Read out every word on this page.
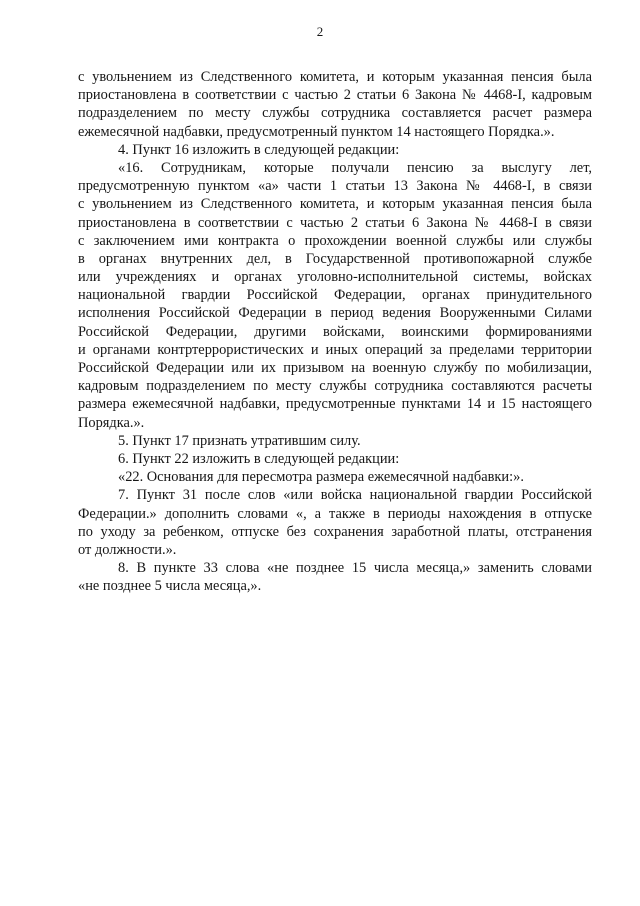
2
с увольнением из Следственного комитета, и которым указанная пенсия была
приостановлена в соответствии с частью 2 статьи 6 Закона № 4468-I, кадровым
подразделением по месту службы сотрудника составляется расчет размера
ежемесячной надбавки, предусмотренный пунктом 14 настоящего Порядка.».
4. Пункт 16 изложить в следующей редакции:
«16. Сотрудникам, которые получали пенсию за выслугу лет,
предусмотренную пунктом «а» части 1 статьи 13 Закона № 4468-I, в связи
с увольнением из Следственного комитета, и которым указанная пенсия была
приостановлена в соответствии с частью 2 статьи 6 Закона № 4468-I в связи
с заключением ими контракта о прохождении военной службы или службы
в органах внутренних дел, в Государственной противопожарной службе
или учреждениях и органах уголовно-исполнительной системы, войсках
национальной гвардии Российской Федерации, органах принудительного
исполнения Российской Федерации в период ведения Вооруженными Силами
Российской Федерации, другими войсками, воинскими формированиями
и органами контртеррористических и иных операций за пределами территории
Российской Федерации или их призывом на военную службу по мобилизации,
кадровым подразделением по месту службы сотрудника составляются расчеты
размера ежемесячной надбавки, предусмотренные пунктами 14 и 15 настоящего
Порядка.».
5. Пункт 17 признать утратившим силу.
6. Пункт 22 изложить в следующей редакции:
«22. Основания для пересмотра размера ежемесячной надбавки:».
7. Пункт 31 после слов «или войска национальной гвардии Российской
Федерации.» дополнить словами «, а также в периоды нахождения в отпуске
по уходу за ребенком, отпуске без сохранения заработной платы, отстранения
от должности.».
8. В пункте 33 слова «не позднее 15 числа месяца,» заменить словами
«не позднее 5 числа месяца,».
